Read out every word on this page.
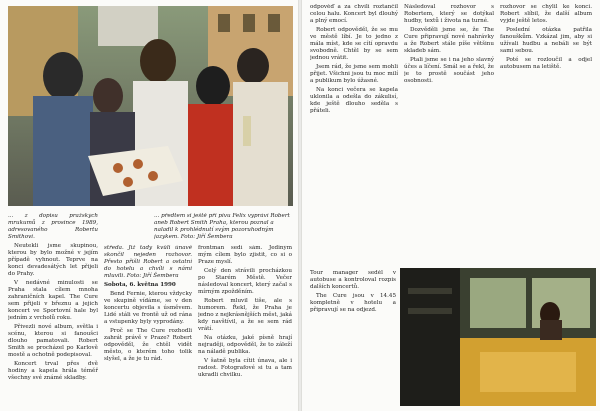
... předtem si ještě při pivu Felix vypráví Robert aneb Robert Smith Praha, kterou poznal a naladil k prohlédnutí svým pozoruhodným jazykem. Foto: Jiří Šembera

... z dopisu pražských mrukumů z prosince 1989, adresovaného Robertu Smithovi.

Neutekli jsme skupinou, kterou by bylo možné v jejím případě vyhnout. Teprve na konci devadesátých let přijeli do Prahy.

V nedávné minulosti se Praha stala cílem mnoha zahraničních kapel. The Cure sem přijeli v březnu a jejich koncert ve Sportovní hale byl jedním z vrcholů roku.

Přivezli nové album, světla i scénu, kterou si fanoušci dlouho pamatovali. Robert Smith se procházel po Karlově mostě a ochotně podepisoval.

Koncert trval přes dvě hodiny a kapela hrála téměř všechny své známé skladby.

středa. Již tady kvůli únavě skončil nejeden rozhovor. Přesto přišli Robert a ostatní do hotelu a chvíli s námi mluvili. Foto: Jiří Šembera

Sobota, 6. května 1990

Bend Fernie, kterou vždycky ve skupině vídáme, se v den koncertu objevila s úsměvem. Lidé stáli ve frontě už od rána a vstupenky byly vyprodány.

Proč se The Cure rozhodli zahrát právě v Praze? Robert odpověděl, že chtěl vidět město, o kterém toho tolik slyšel, a že je tu rád.

frontman sedí sám. Jediným mým cílem bylo zjistit, co si o Praze myslí.

Celý den strávili procházkou po Starém Městě. Večer následoval koncert, který začal s mírným zpožděním.

Robert mluvil tiše, ale s humorem. Řekl, že Praha je jedno z nejkrásnějších měst, jaká kdy navštívil, a že se sem rád vrátí.

Na otázku, jaké písně hrají nejraději, odpověděl, že to záleží na náladě publika.

V šatně byla cítit únava, ale i radost. Fotografové si tu a tam ukradli chvilku.

odpověď a za chvíli roztančil celou halu. Koncert byl dlouhý a plný emocí.

Robert odpověděl, že se mu ve městě líbí. Je to jedno z mála míst, kde se cítí opravdu svobodně. Chtěl by se sem jednou vrátit.

Jsem rád, že jsme sem mohli přijet. Všichni jsou tu moc milí a publikum bylo úžasné.

Na konci večera se kapela uklonila a odešla do zákulisí, kde ještě dlouho seděla s přáteli.

Následoval rozhovor s Robertem, který se dotýkal hudby, textů i života na turné.

Dozvěděli jsme se, že The Cure připravují nové nahrávky a že Robert stále píše většinu skladeb sám.

Ptali jsme se i na jeho slavný účes a líčení. Smál se a řekl, že je to prostě součást jeho osobnosti.

rozhovor se chýlil ke konci. Robert slíbil, že další album vyjde ještě letos.

Poslední otázka patřila fanouškům. Vzkázal jim, aby si užívali hudbu a nebáli se být sami sebou.

Poté se rozloučil a odjel autobusem na letiště.

Tour manager seděl v autobuse a kontroloval rozpis dalších koncertů.

The Cure jsou v 14.45 kompletně v hotelu a připravují se na odjezd.
